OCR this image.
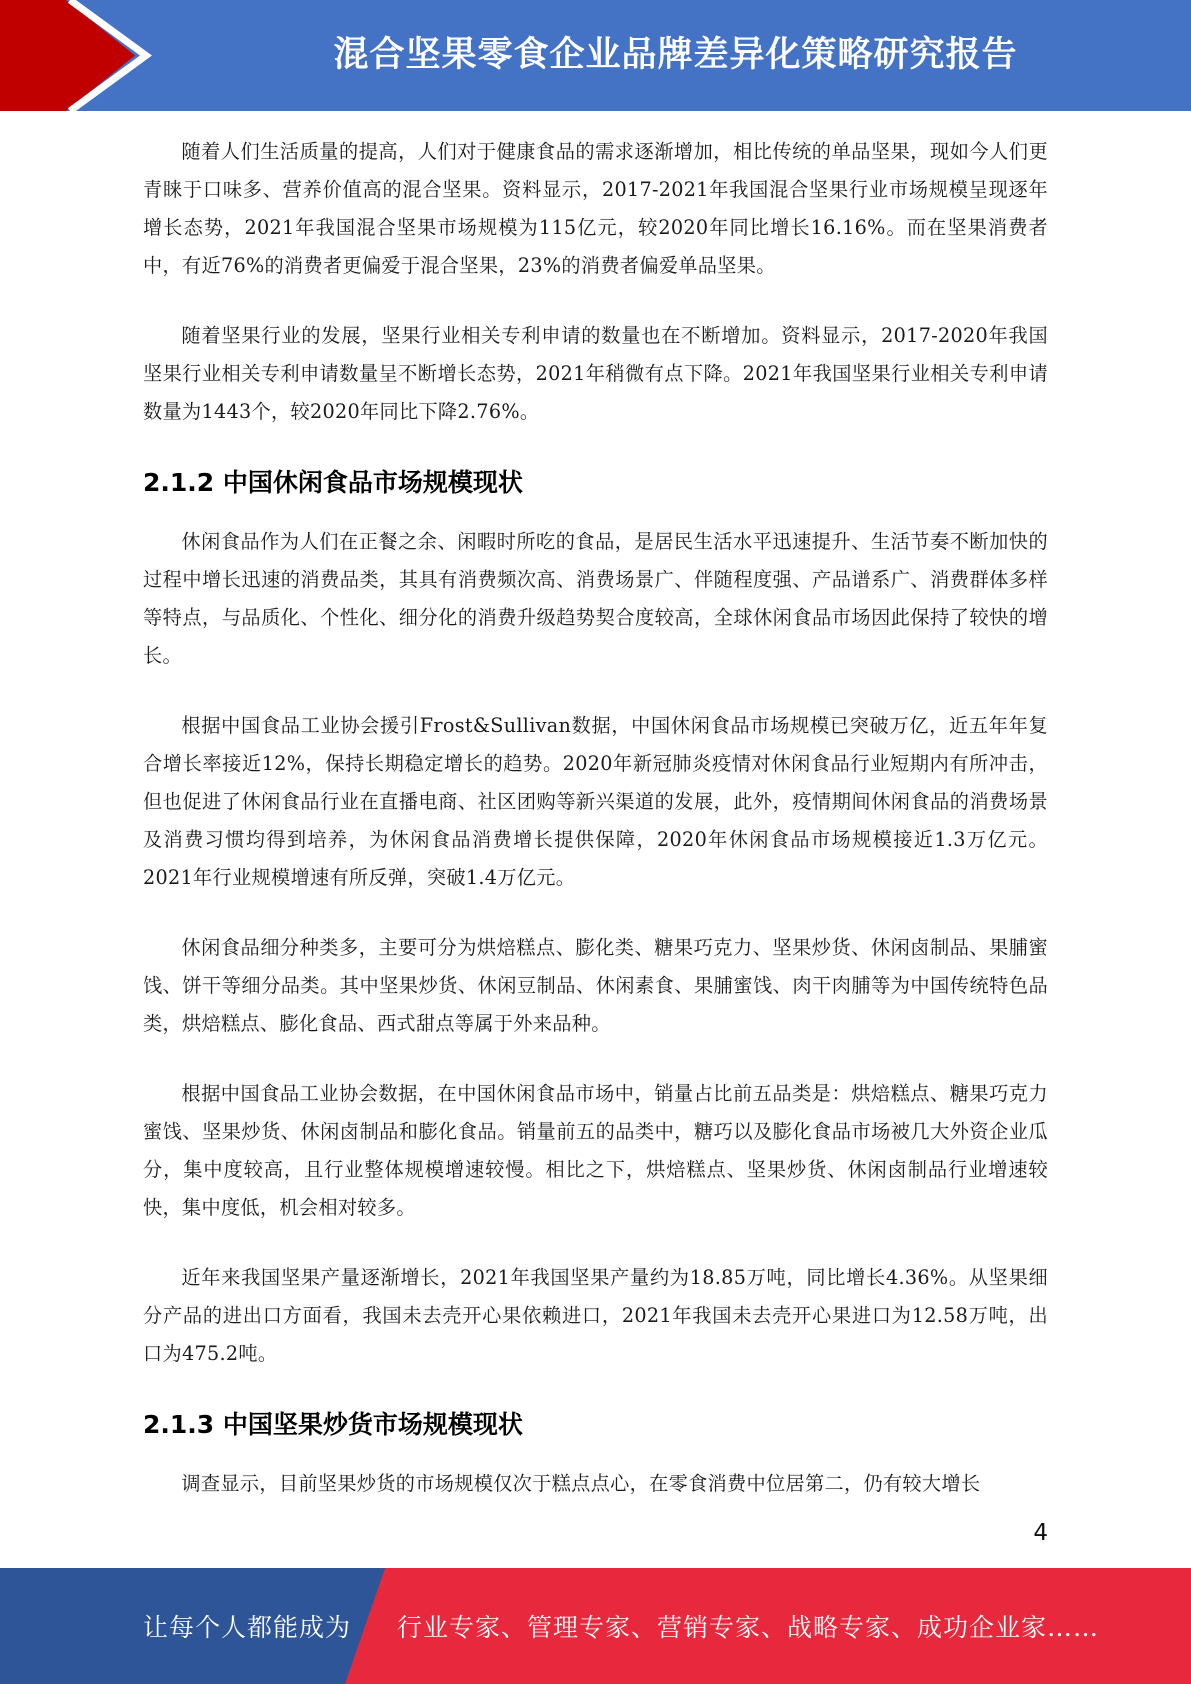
混合坚果零食企业品牌差异化策略研究报告

随着人们生活质量的提高，人们对于健康食品的需求逐渐增加，相比传统的单品坚果，现如今人们更青睐于口味多、营养价值高的混合坚果。资料显示，2017-2021年我国混合坚果行业市场规模呈现逐年增长态势，2021年我国混合坚果市场规模为115亿元，较2020年同比增长16.16%。而在坚果消费者中，有近76%的消费者更偏爱于混合坚果，23%的消费者偏爱单品坚果。

随着坚果行业的发展，坚果行业相关专利申请的数量也在不断增加。资料显示，2017-2020年我国坚果行业相关专利申请数量呈不断增长态势，2021年稍微有点下降。2021年我国坚果行业相关专利申请数量为1443个，较2020年同比下降2.76%。

2.1.2 中国休闲食品市场规模现状

休闲食品作为人们在正餐之余、闲暇时所吃的食品，是居民生活水平迅速提升、生活节奏不断加快的过程中增长迅速的消费品类，其具有消费频次高、消费场景广、伴随程度强、产品谱系广、消费群体多样等特点，与品质化、个性化、细分化的消费升级趋势契合度较高，全球休闲食品市场因此保持了较快的增长。

根据中国食品工业协会援引Frost&Sullivan数据，中国休闲食品市场规模已突破万亿，近五年年复合增长率接近12%，保持长期稳定增长的趋势。2020年新冠肺炎疫情对休闲食品行业短期内有所冲击，但也促进了休闲食品行业在直播电商、社区团购等新兴渠道的发展，此外，疫情期间休闲食品的消费场景及消费习惯均得到培养，为休闲食品消费增长提供保障，2020年休闲食品市场规模接近1.3万亿元。2021年行业规模增速有所反弹，突破1.4万亿元。

休闲食品细分种类多，主要可分为烘焙糕点、膨化类、糖果巧克力、坚果炒货、休闲卤制品、果脯蜜饯、饼干等细分品类。其中坚果炒货、休闲豆制品、休闲素食、果脯蜜饯、肉干肉脯等为中国传统特色品类，烘焙糕点、膨化食品、西式甜点等属于外来品种。

根据中国食品工业协会数据，在中国休闲食品市场中，销量占比前五品类是：烘焙糕点、糖果巧克力蜜饯、坚果炒货、休闲卤制品和膨化食品。销量前五的品类中，糖巧以及膨化食品市场被几大外资企业瓜分，集中度较高，且行业整体规模增速较慢。相比之下，烘焙糕点、坚果炒货、休闲卤制品行业增速较快，集中度低，机会相对较多。

近年来我国坚果产量逐渐增长，2021年我国坚果产量约为18.85万吨，同比增长4.36%。从坚果细分产品的进出口方面看，我国未去壳开心果依赖进口，2021年我国未去壳开心果进口为12.58万吨，出口为475.2吨。

2.1.3 中国坚果炒货市场规模现状

调查显示，目前坚果炒货的市场规模仅次于糕点点心，在零食消费中位居第二，仍有较大增长

4
让每个人都能成为 行业专家、管理专家、营销专家、战略专家、成功企业家……
